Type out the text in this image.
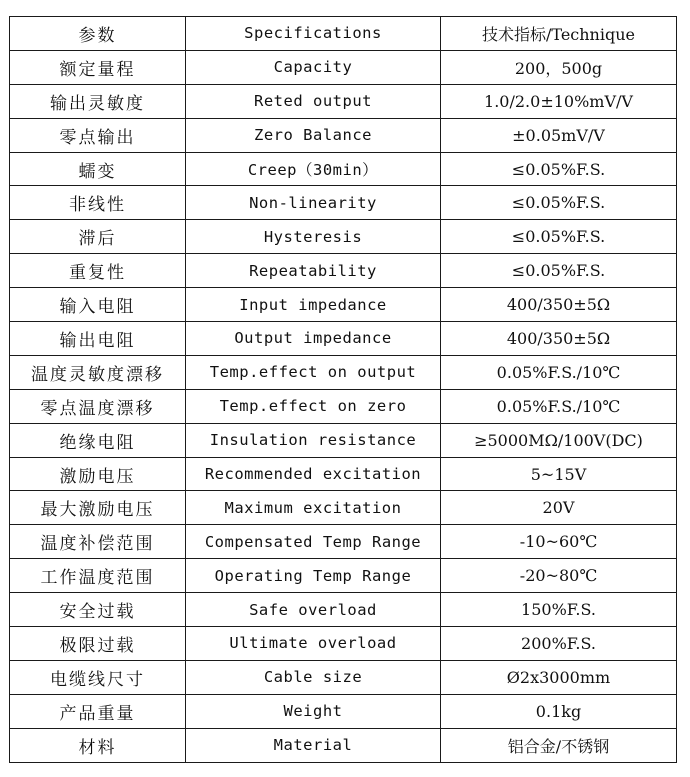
参数	Specifications	技术指标/Technique
额定量程	Capacity	200，500g
输出灵敏度	Reted output	1.0/2.0±10%mV/V
零点输出	Zero Balance	±0.05mV/V
蠕变	Creep（30min）	≤0.05%F.S.
非线性	Non-linearity	≤0.05%F.S.
滞后	Hysteresis	≤0.05%F.S.
重复性	Repeatability	≤0.05%F.S.
输入电阻	Input impedance	400/350±5Ω
输出电阻	Output impedance	400/350±5Ω
温度灵敏度漂移	Temp.effect on output	0.05%F.S./10℃
零点温度漂移	Temp.effect on zero	0.05%F.S./10℃
绝缘电阻	Insulation resistance	≥5000MΩ/100V(DC)
激励电压	Recommended excitation	5~15V
最大激励电压	Maximum excitation	20V
温度补偿范围	Compensated Temp Range	-10~60℃
工作温度范围	Operating Temp Range	-20~80℃
安全过载	Safe overload	150%F.S.
极限过载	Ultimate overload	200%F.S.
电缆线尺寸	Cable size	Ø2x3000mm
产品重量	Weight	0.1kg
材料	Material	铝合金/不锈钢
